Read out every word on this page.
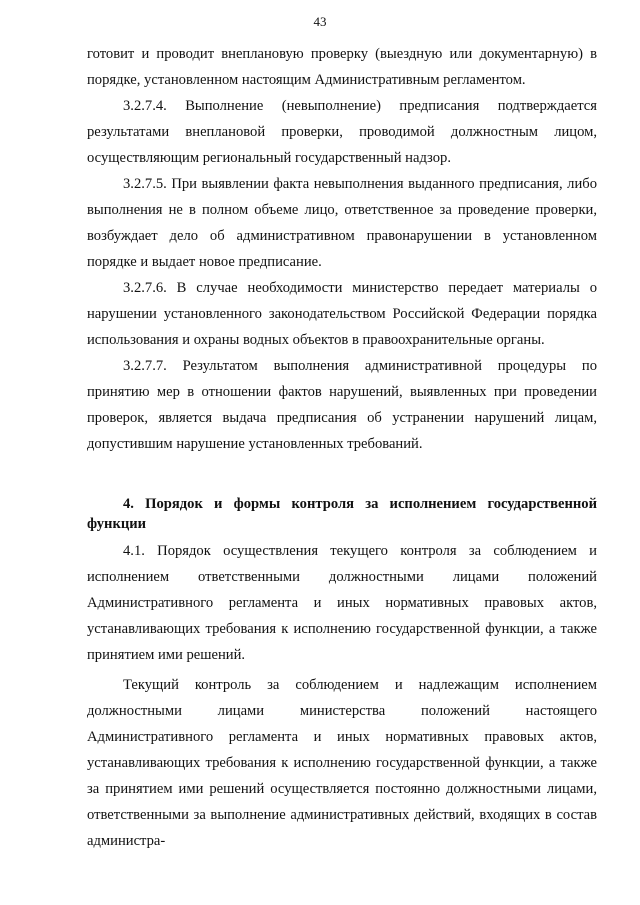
43

готовит и проводит внеплановую проверку (выездную или документарную) в порядке, установленном настоящим Административным регламентом.

3.2.7.4. Выполнение (невыполнение) предписания подтверждается результатами внеплановой проверки, проводимой должностным лицом, осуществляющим региональный государственный надзор.

3.2.7.5. При выявлении факта невыполнения выданного предписания, либо выполнения не в полном объеме лицо, ответственное за проведение проверки, возбуждает дело об административном правонарушении в установленном порядке и выдает новое предписание.

3.2.7.6. В случае необходимости министерство передает материалы о нарушении установленного законодательством Российской Федерации порядка использования и охраны водных объектов в правоохранительные органы.

3.2.7.7. Результатом выполнения административной процедуры по принятию мер в отношении фактов нарушений, выявленных при проведении проверок, является выдача предписания об устранении нарушений лицам, допустившим нарушение установленных требований.

4. Порядок и формы контроля за исполнением государственной функции

4.1. Порядок осуществления текущего контроля за соблюдением и исполнением ответственными должностными лицами положений Административного регламента и иных нормативных правовых актов, устанавливающих требования к исполнению государственной функции, а также принятием ими решений.

Текущий контроль за соблюдением и надлежащим исполнением должностными лицами министерства положений настоящего Административного регламента и иных нормативных правовых актов, устанавливающих требования к исполнению государственной функции, а также за принятием ими решений осуществляется постоянно должностными лицами, ответственными за выполнение административных действий, входящих в состав администра-
